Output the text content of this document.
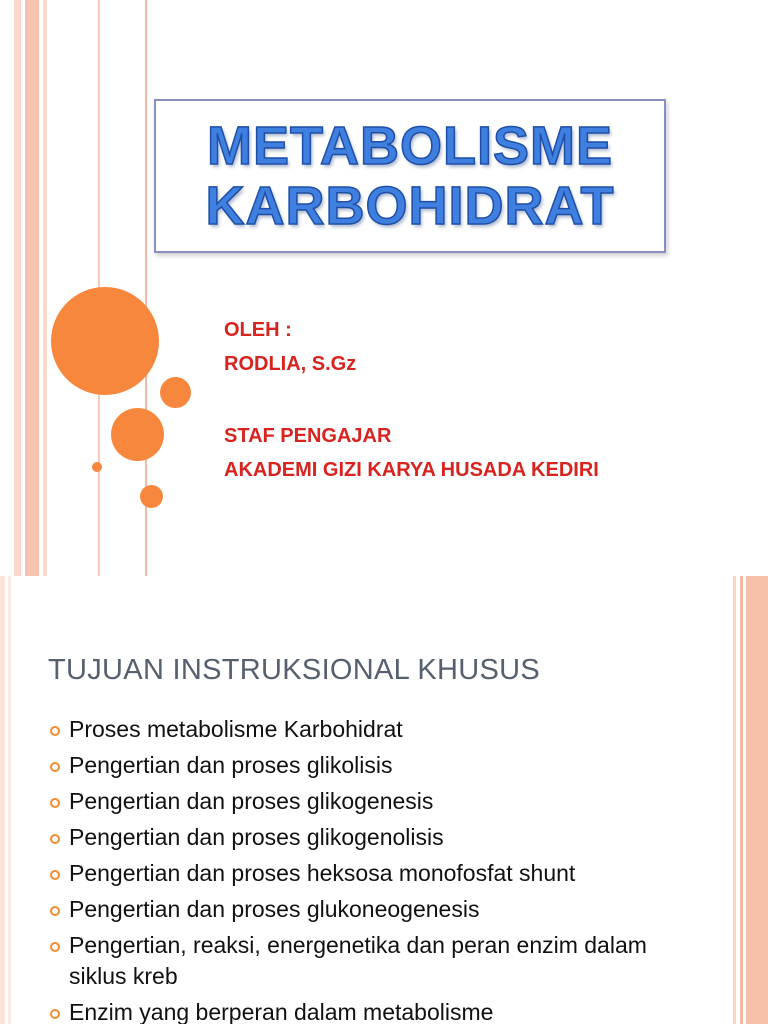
METABOLISME
KARBOHIDRAT
OLEH :
RODLIA, S.Gz
STAF PENGAJAR
AKADEMI GIZI KARYA HUSADA KEDIRI
TUJUAN INSTRUKSIONAL KHUSUS
Proses metabolisme Karbohidrat
Pengertian dan proses glikolisis
Pengertian dan proses glikogenesis
Pengertian dan proses glikogenolisis
Pengertian dan proses heksosa monofosfat shunt
Pengertian dan proses glukoneogenesis
Pengertian, reaksi, energenetika dan peran enzim dalam siklus kreb
Enzim yang berperan dalam metabolisme
